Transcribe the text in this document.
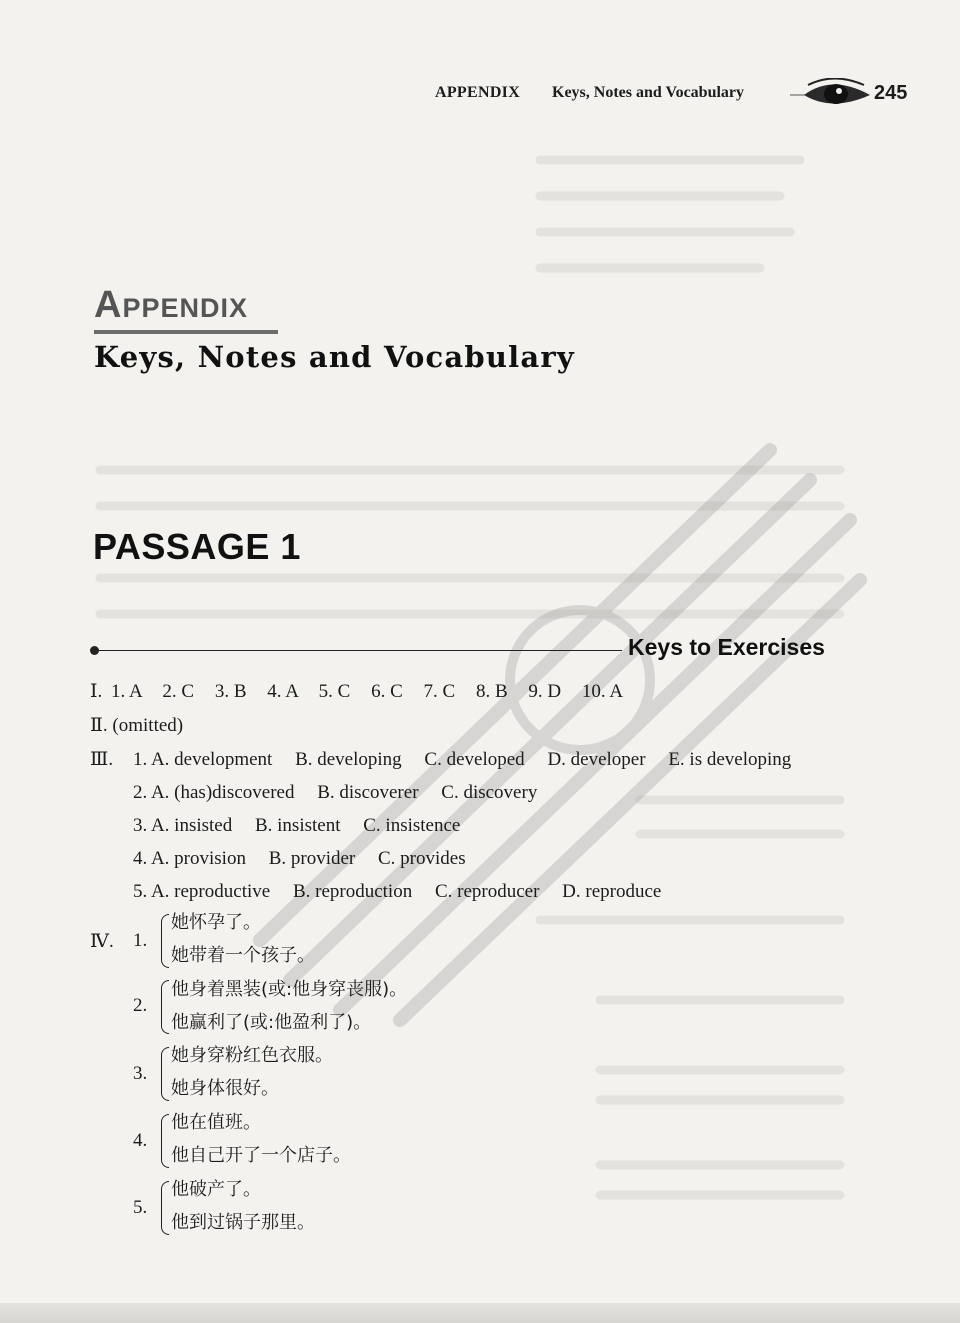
APPENDIX Keys, Notes and Vocabulary	245
Appendix
Keys, Notes and Vocabulary
PASSAGE 1
Keys to Exercises
Ⅰ. 1. A 2. C 3. B 4. A 5. C 6. C 7. C 8. B 9. D 10. A
Ⅱ. (omitted)
Ⅲ. 1. A. development B. developing C. developed D. developer E. is developing
2. A. (has)discovered B. discoverer C. discovery
3. A. insisted B. insistent C. insistence
4. A. provision B. provider C. provides
5. A. reproductive B. reproduction C. reproducer D. reproduce
Ⅳ. 1.
她怀孕了。
她带着一个孩子。
2.
他身着黑装(或:他身穿丧服)。
他赢利了(或:他盈利了)。
3.
她身穿粉红色衣服。
她身体很好。
4.
他在值班。
他自己开了一个店子。
5.
他破产了。
他到过锅子那里。
